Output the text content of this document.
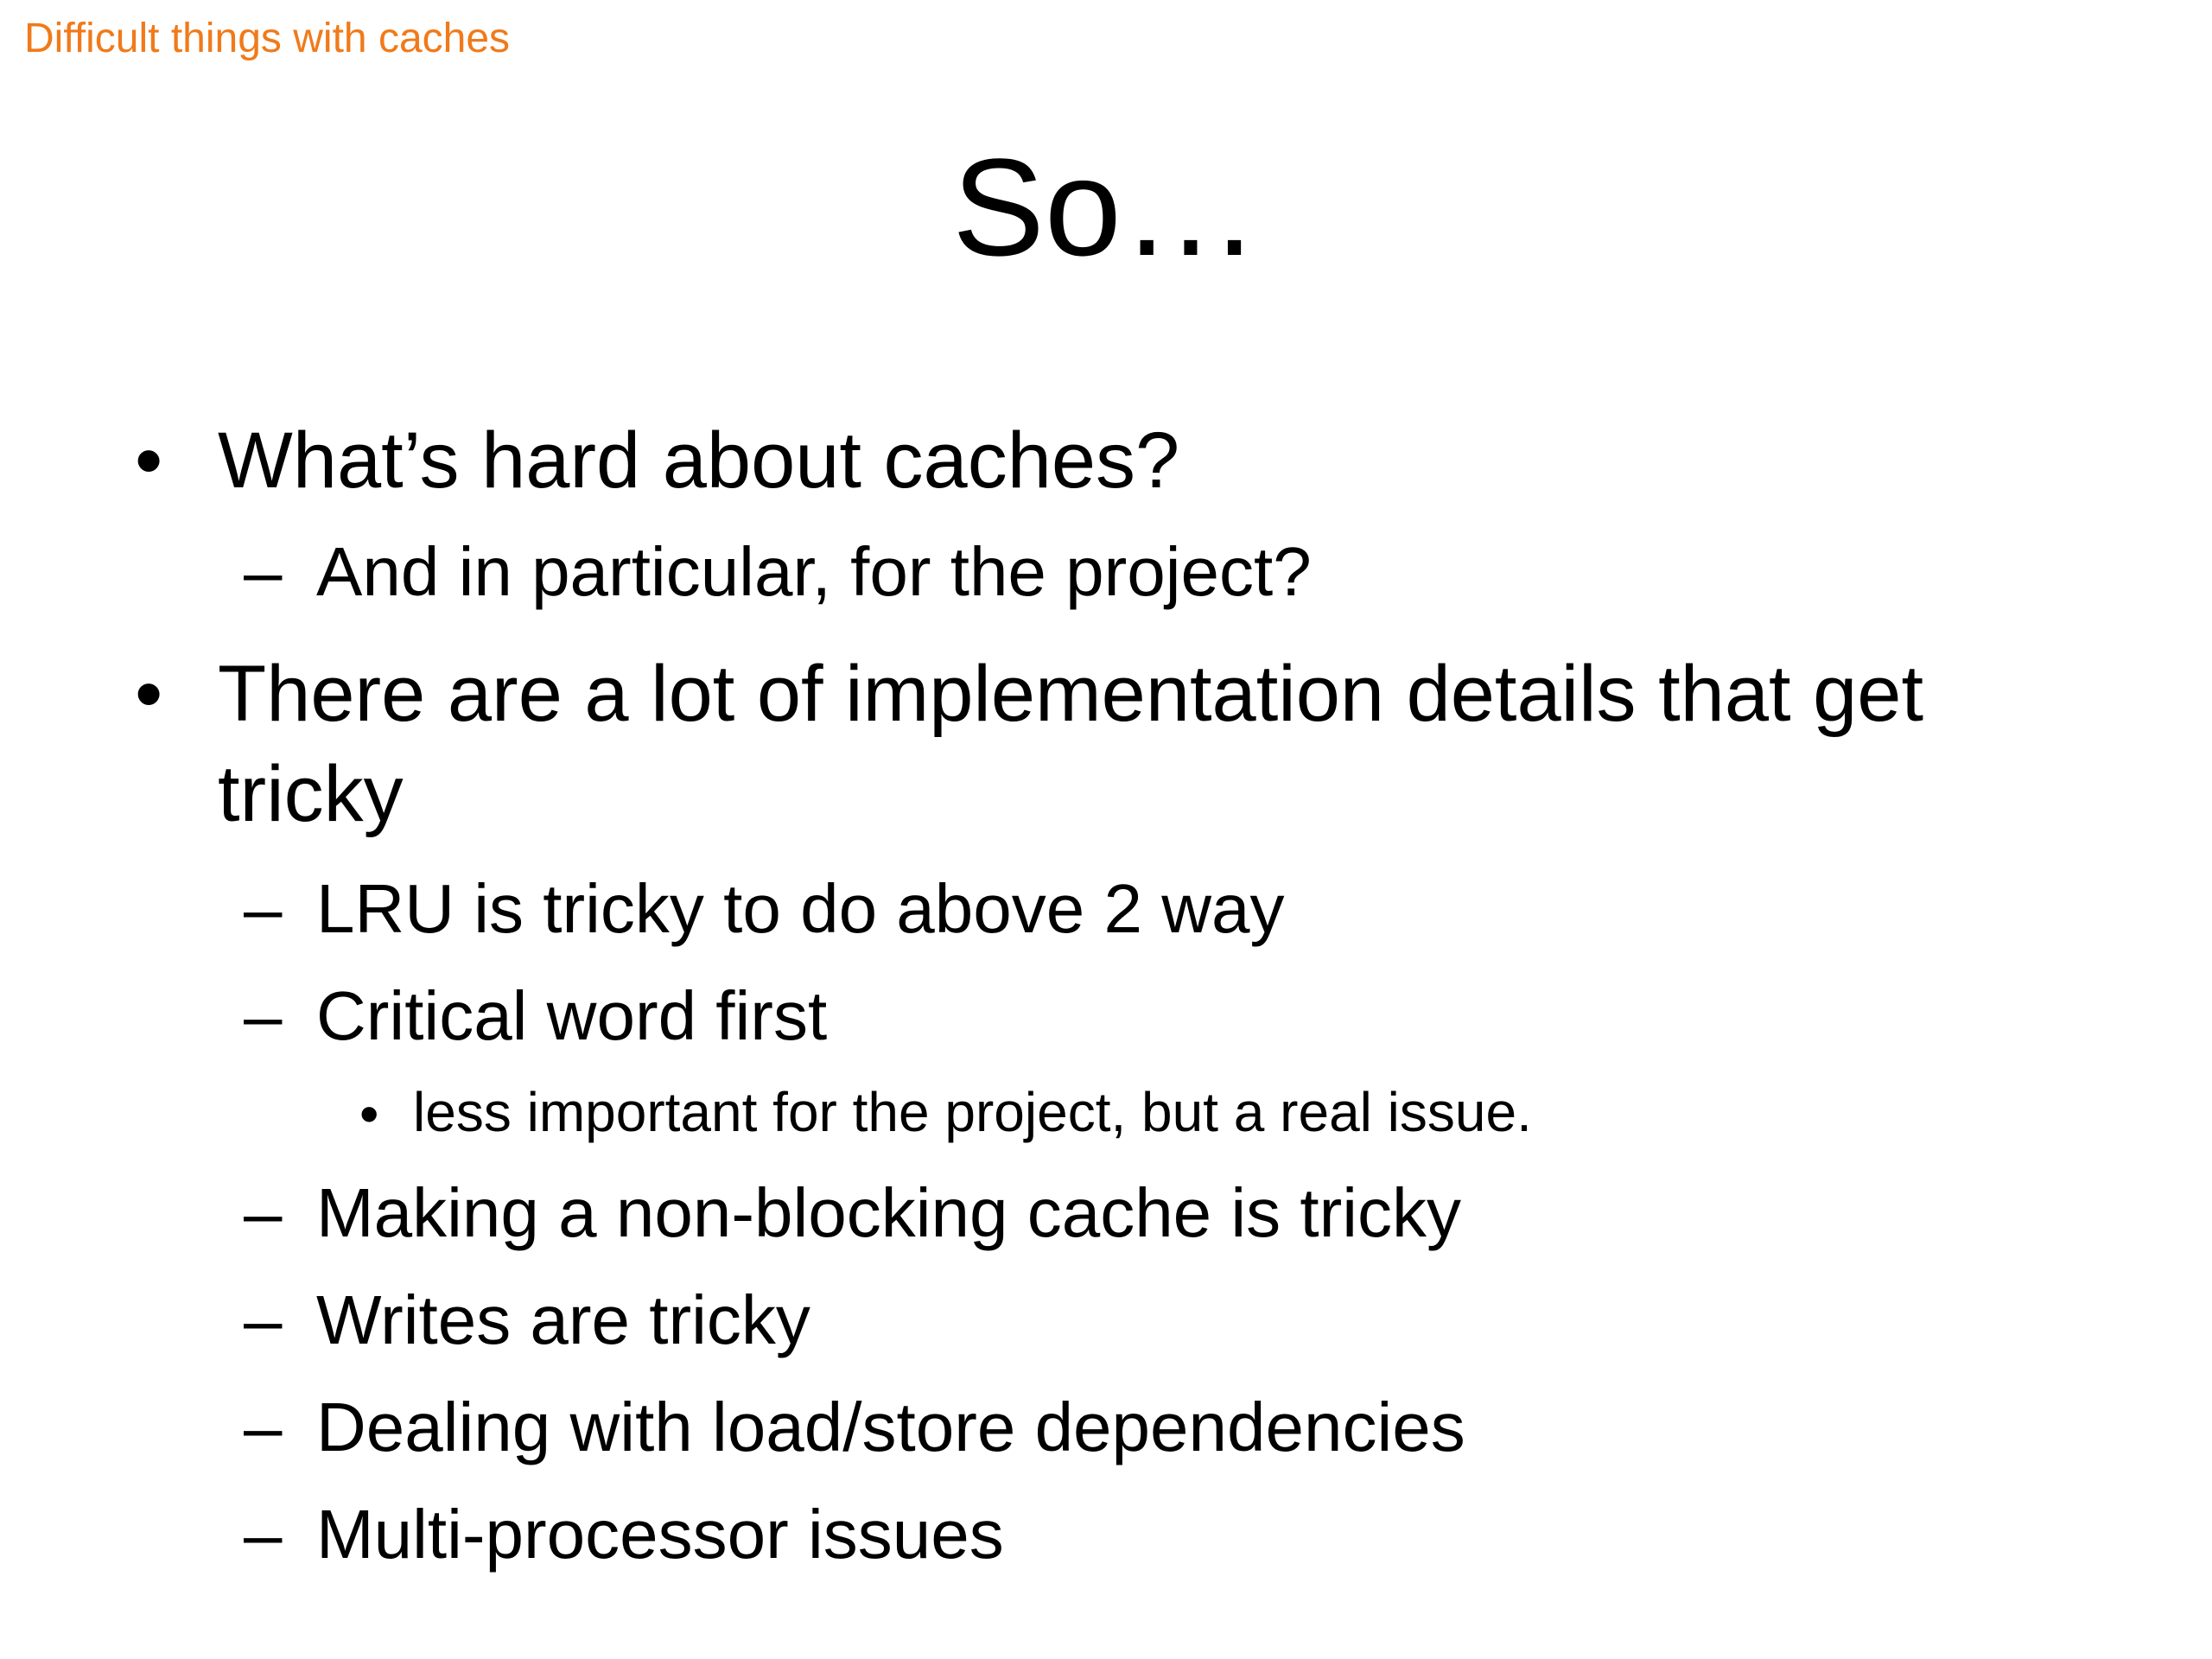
Difficult things with caches
So…
• What’s hard about caches?
– And in particular, for the project?
• There are a lot of implementation details that get
tricky
– LRU is tricky to do above 2 way
– Critical word first
• less important for the project, but a real issue.
– Making a non-blocking cache is tricky
– Writes are tricky
– Dealing with load/store dependencies
– Multi-processor issues
